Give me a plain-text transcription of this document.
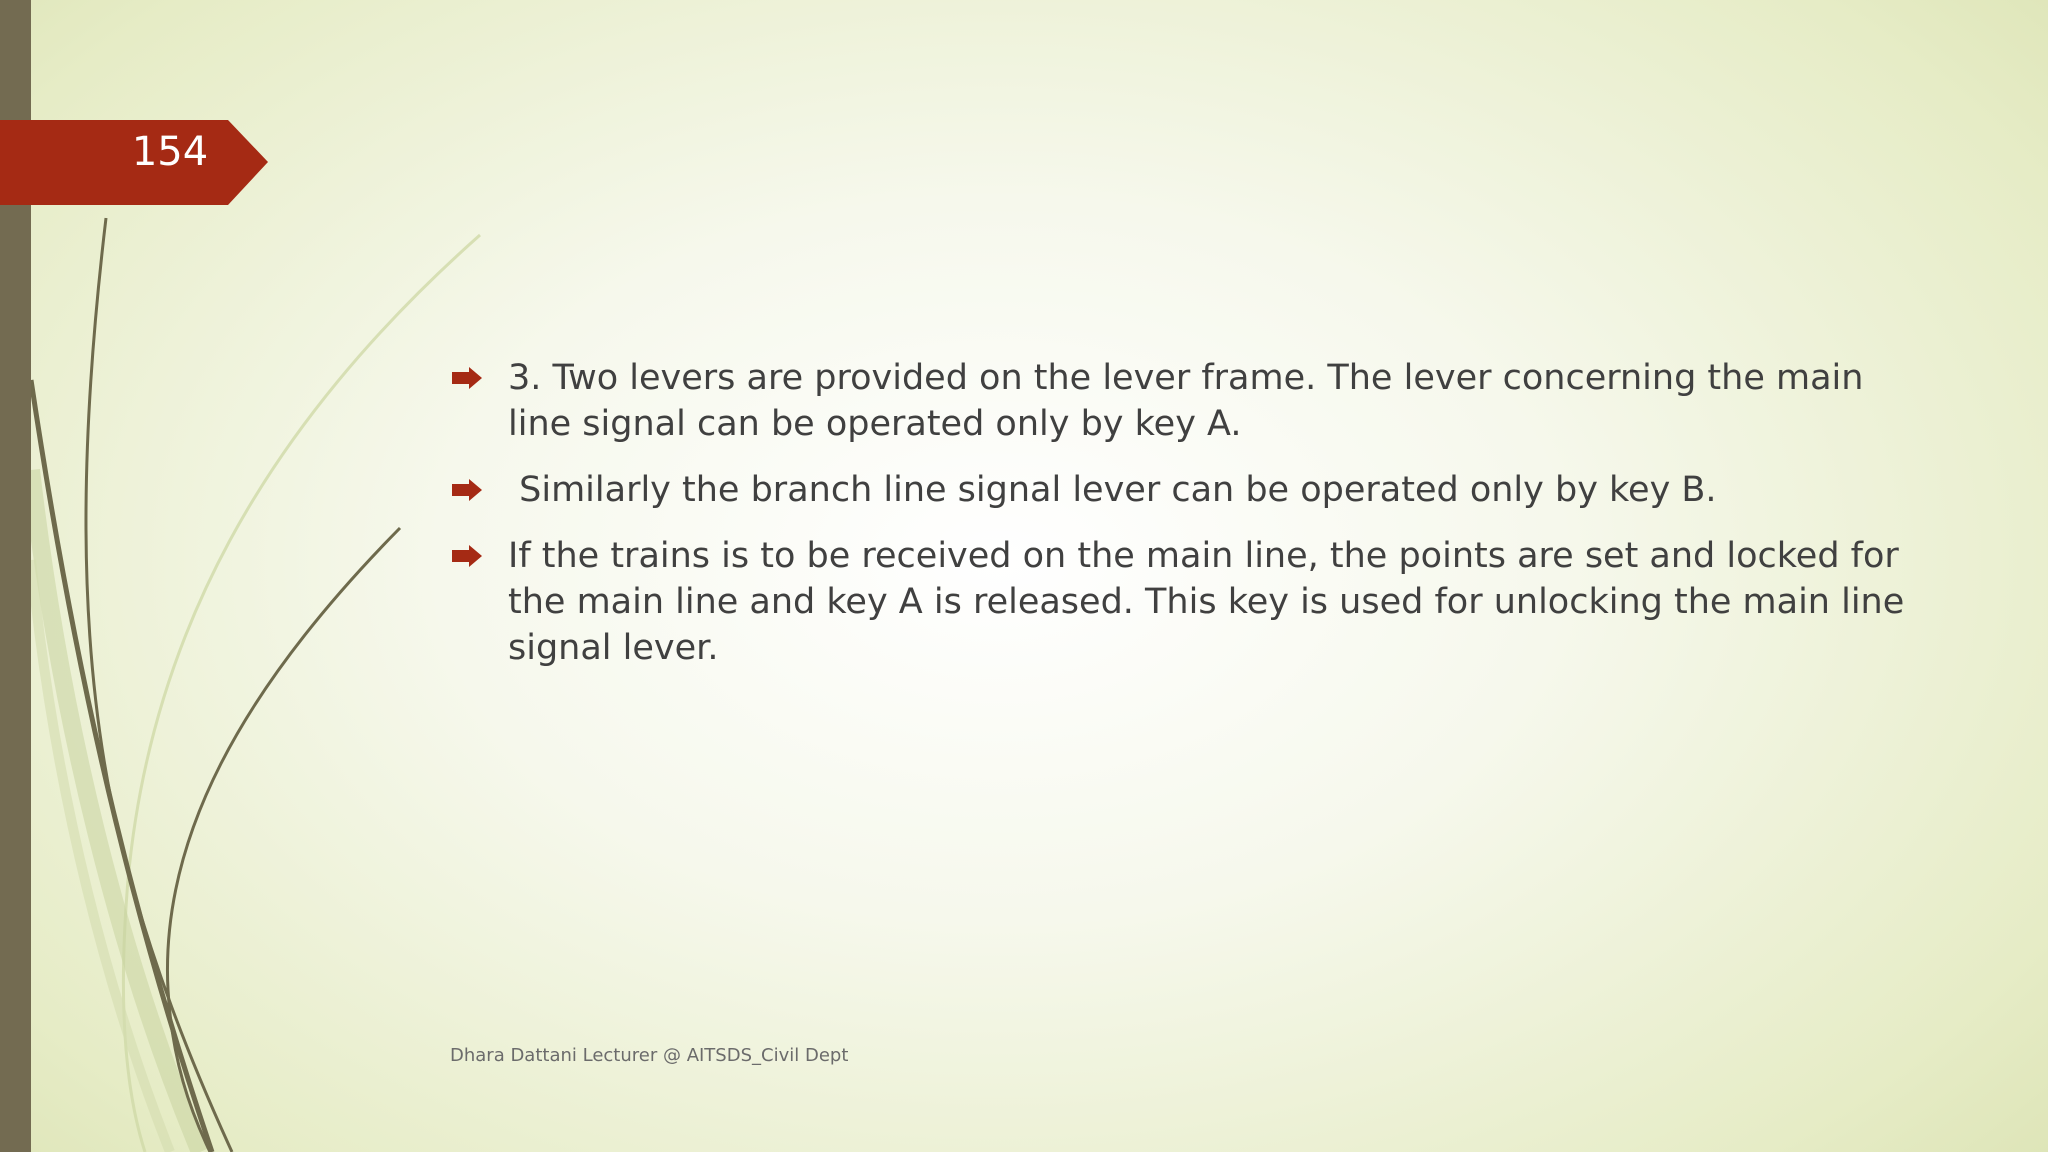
154
3. Two levers are provided on the lever frame. The lever concerning the main line signal can be operated only by key A.
Similarly the branch line signal lever can be operated only by key B.
If the trains is to be received on the main line, the points are set and locked for the main line and key A is released. This key is used for unlocking the main line signal lever.
Dhara Dattani Lecturer @ AITSDS_Civil Dept
